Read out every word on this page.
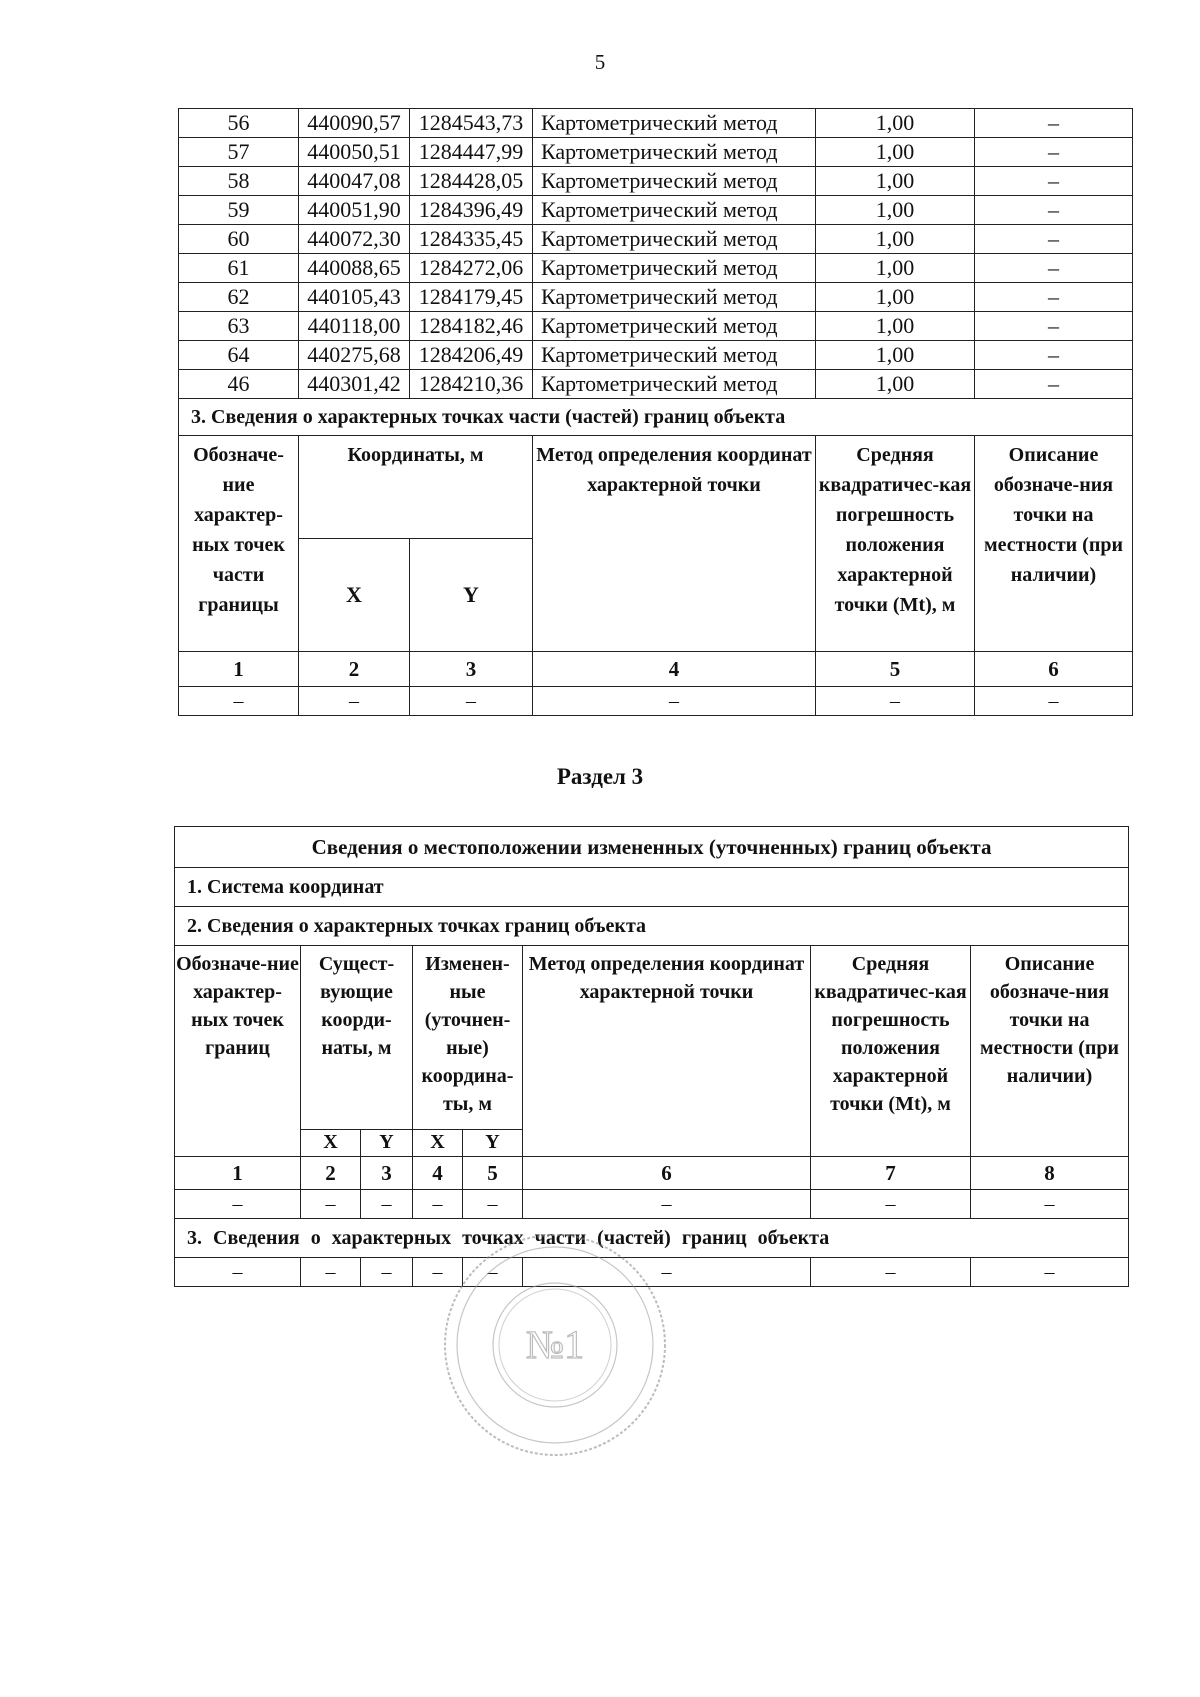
5
56	440090,57	1284543,73	Картометрический метод	1,00	–
57	440050,51	1284447,99	Картометрический метод	1,00	–
58	440047,08	1284428,05	Картометрический метод	1,00	–
59	440051,90	1284396,49	Картометрический метод	1,00	–
60	440072,30	1284335,45	Картометрический метод	1,00	–
61	440088,65	1284272,06	Картометрический метод	1,00	–
62	440105,43	1284179,45	Картометрический метод	1,00	–
63	440118,00	1284182,46	Картометрический метод	1,00	–
64	440275,68	1284206,49	Картометрический метод	1,00	–
46	440301,42	1284210,36	Картометрический метод	1,00	–
3. Сведения о характерных точках части (частей) границ объекта					
Обозначе-ние характер-ных точек части границы	Координаты, м		Метод определения координат характерной точки	Средняя квадратичес-кая погрешность положения характерной точки (Mt), м	Описание обозначе-ния точки на местности (при наличии)
	X	Y			
1	2	3	4	5	6
–	–	–	–	–	–
Раздел 3
Сведения о местоположении измененных (уточненных) границ объекта							
1. Система координат							
2. Сведения о характерных точках границ объекта							
Обозначе-ние характер-ных точек границ	Сущест-вующие коорди-наты, м		Изменен-ные (уточнен-ные) координа-ты, м		Метод определения координат характерной точки	Средняя квадратичес-кая погрешность положения характерной точки (Mt), м	Описание обозначе-ния точки на местности (при наличии)
	X	Y	X	Y			
1	2	3	4	5	6	7	8
–	–	–	–	–	–	–	–
3. Сведения о характерных точках части (частей) границ объекта							
–	–	–	–	–	–	–	–
№1
